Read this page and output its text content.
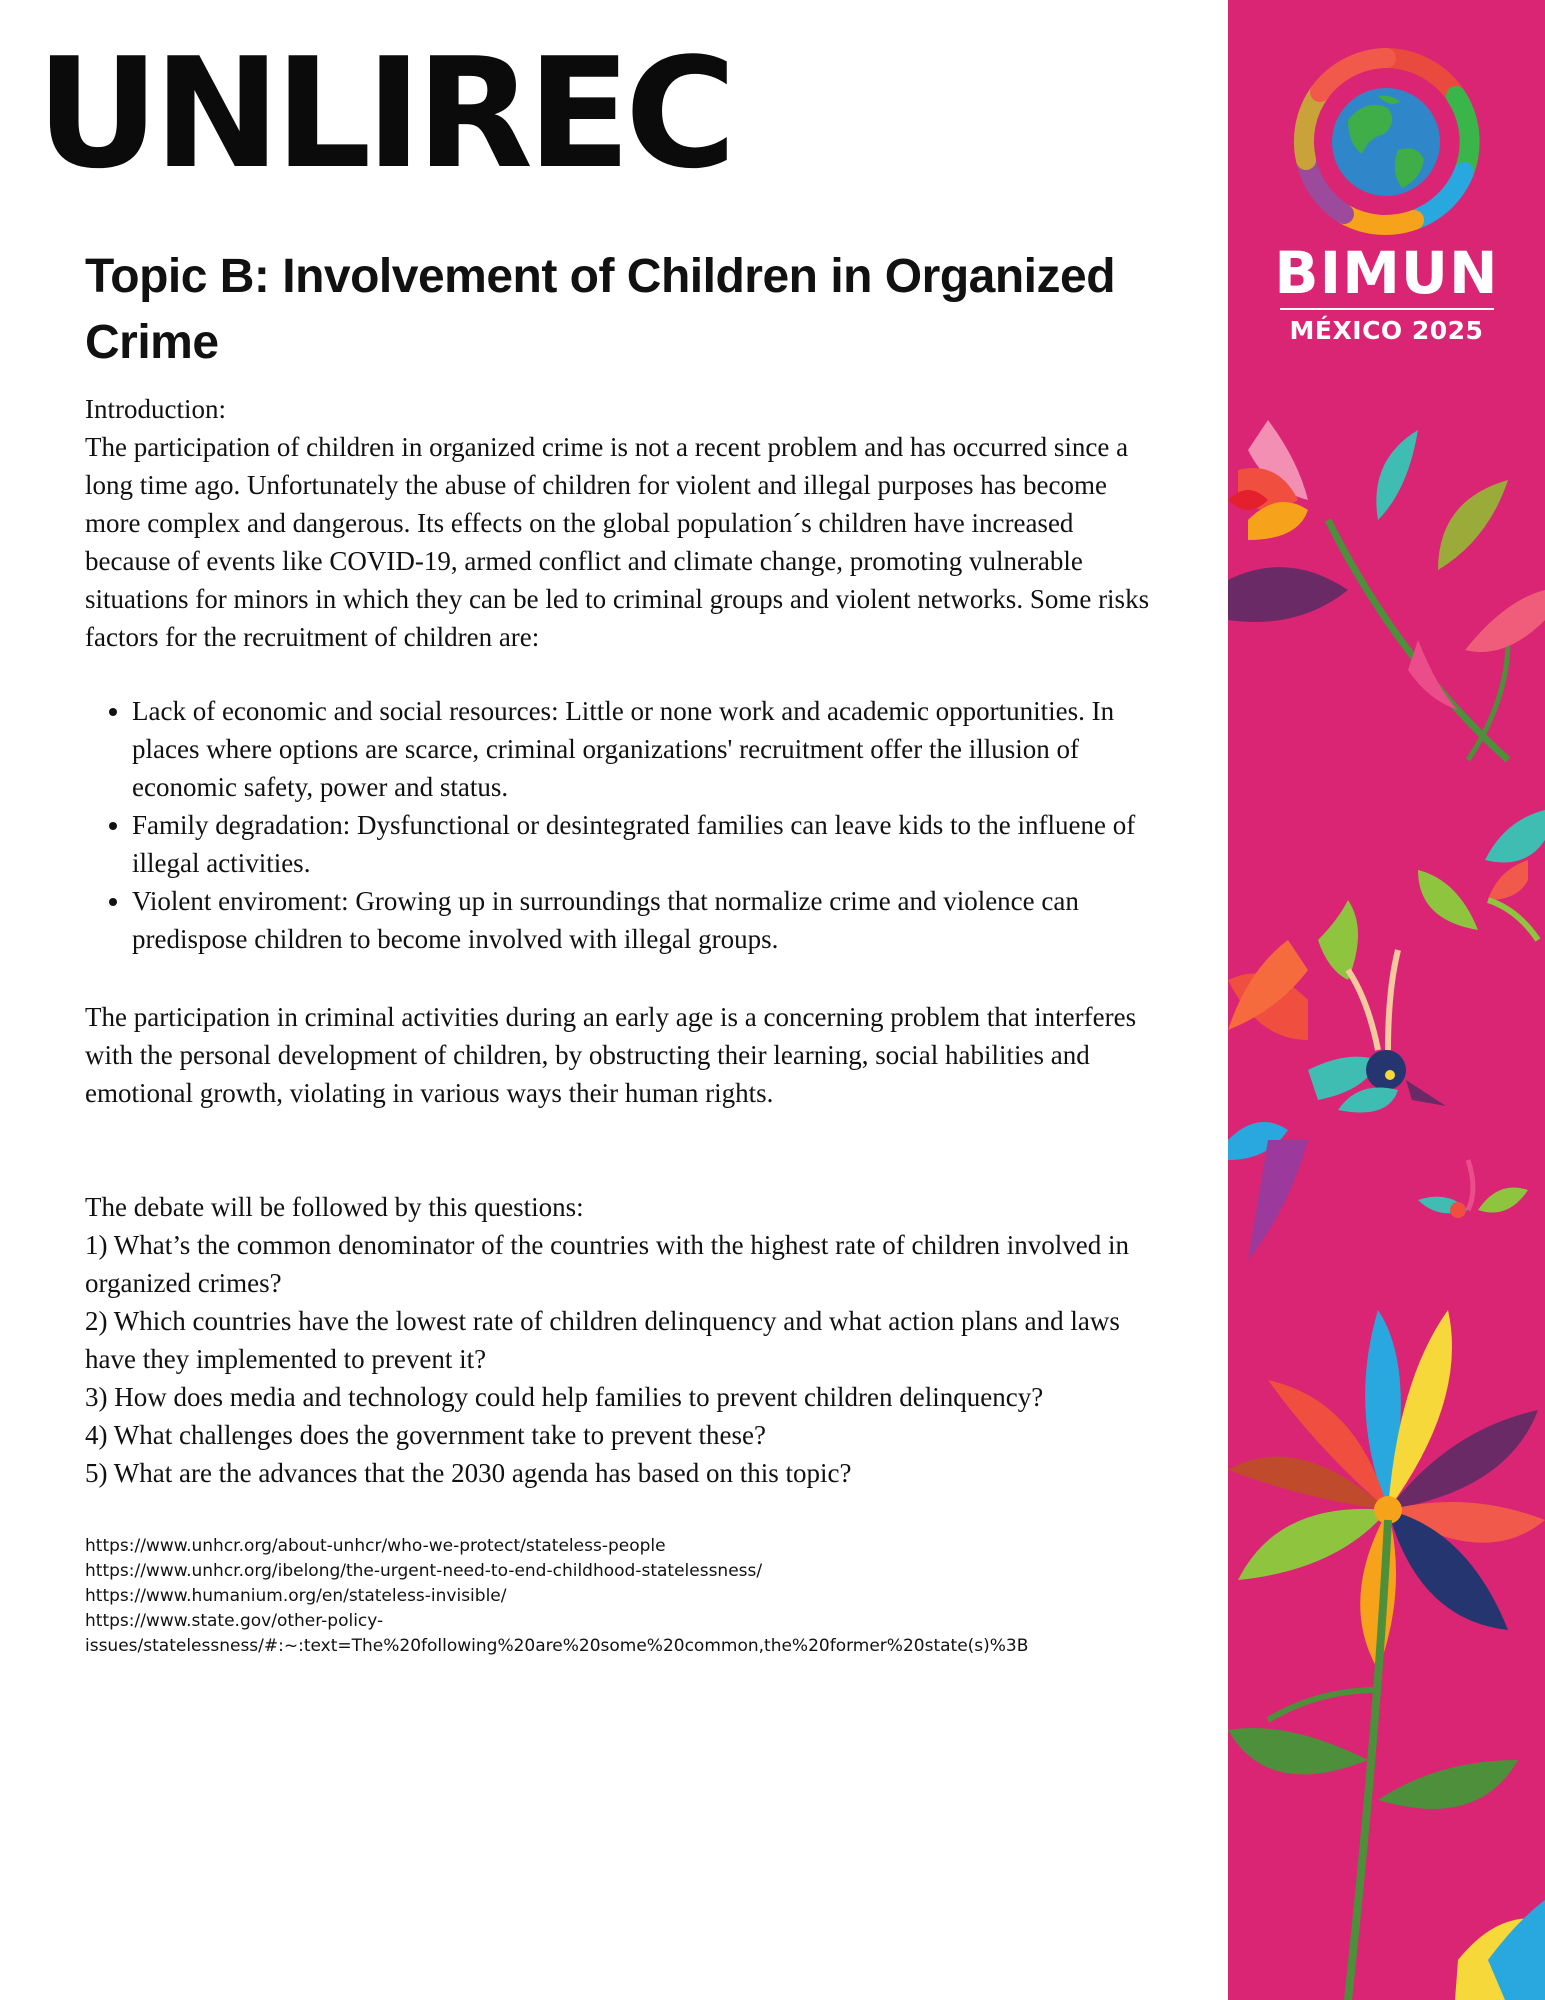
UNLIREC
Topic B: Involvement of Children in Organized Crime

Introduction:

The participation of children in organized crime is not a recent problem and has occurred since a long time ago. Unfortunately the abuse of children for violent and illegal purposes has become more complex and dangerous. Its effects on the global population´s children have increased because of events like COVID-19, armed conflict and climate change, promoting vulnerable situations for minors in which they can be led to criminal groups and violent networks. Some risks factors for the recruitment of children are:

• Lack of economic and social resources: Little or none work and academic opportunities. In places where options are scarce, criminal organizations' recruitment offer the illusion of economic safety, power and status.
• Family degradation: Dysfunctional or desintegrated families can leave kids to the influene of illegal activities.
• Violent enviroment: Growing up in surroundings that normalize crime and violence can predispose children to become involved with illegal groups.

The participation in criminal activities during an early age is a concerning problem that interferes with the personal development of children, by obstructing their learning, social habilities and emotional growth, violating in various ways their human rights.

The debate will be followed by this questions:

1) What’s the common denominator of the countries with the highest rate of children involved in organized crimes?

2) Which countries have the lowest rate of children delinquency and what action plans and laws have they implemented to prevent it?

3) How does media and technology could help families to prevent children delinquency?

4) What challenges does the government take to prevent these?

5) What are the advances that the 2030 agenda has based on this topic?

https://www.unhcr.org/about-unhcr/who-we-protect/stateless-people
https://www.unhcr.org/ibelong/the-urgent-need-to-end-childhood-statelessness/
https://www.humanium.org/en/stateless-invisible/
https://www.state.gov/other-policy-
issues/statelessness/#:~:text=The%20following%20are%20some%20common,the%20former%20state(s)%3B
BIMUN
MÉXICO 2025
